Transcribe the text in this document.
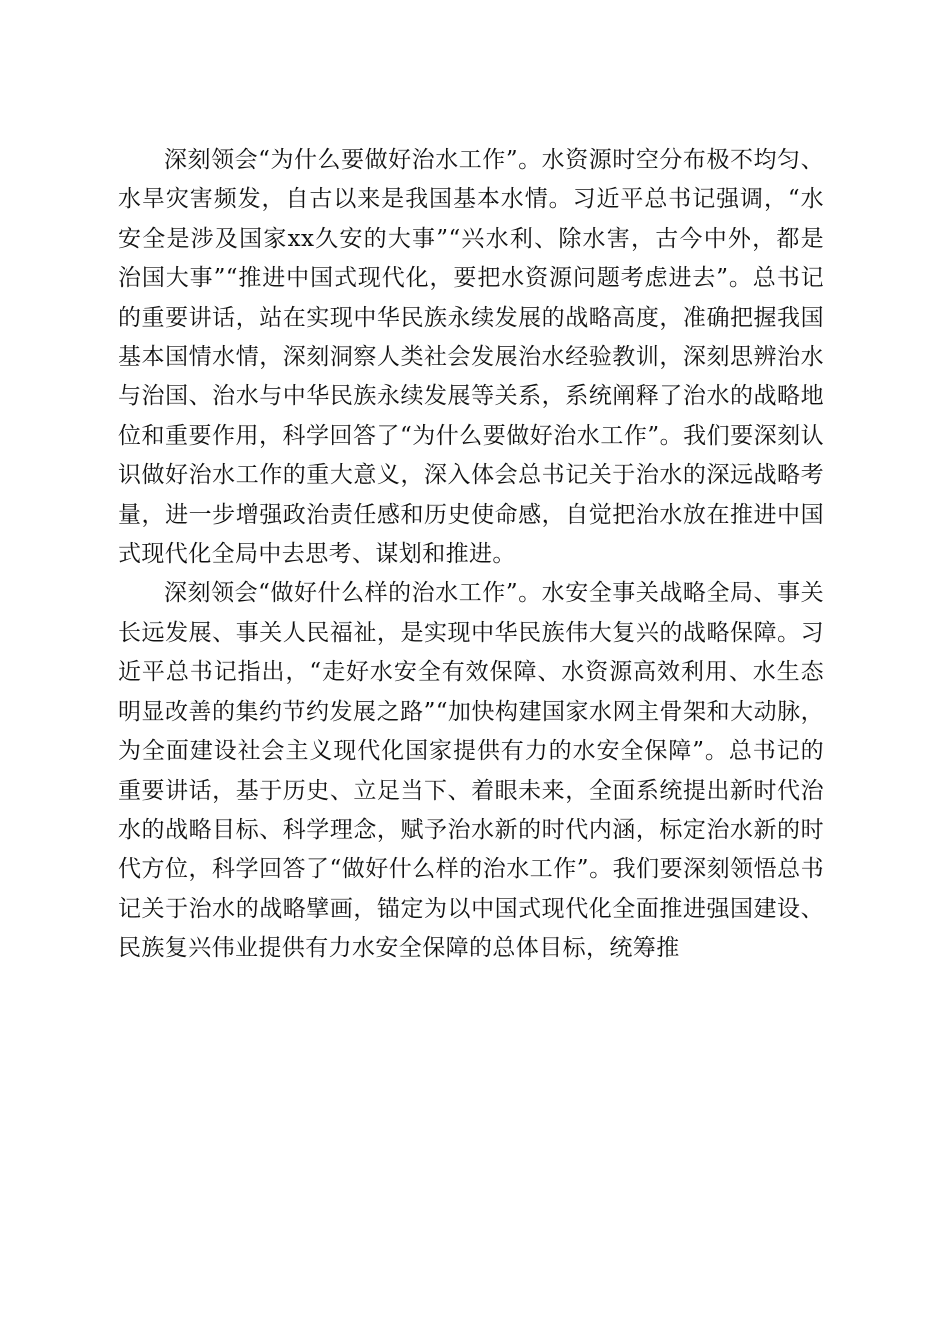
深刻领会“为什么要做好治水工作”。水资源时空分布极不均匀、水旱灾害频发，自古以来是我国基本水情。习近平总书记强调，“水安全是涉及国家xx久安的大事”“兴水利、除水害，古今中外，都是治国大事”“推进中国式现代化，要把水资源问题考虑进去”。总书记的重要讲话，站在实现中华民族永续发展的战略高度，准确把握我国基本国情水情，深刻洞察人类社会发展治水经验教训，深刻思辨治水与治国、治水与中华民族永续发展等关系，系统阐释了治水的战略地位和重要作用，科学回答了“为什么要做好治水工作”。我们要深刻认识做好治水工作的重大意义，深入体会总书记关于治水的深远战略考量，进一步增强政治责任感和历史使命感，自觉把治水放在推进中国式现代化全局中去思考、谋划和推进。

深刻领会“做好什么样的治水工作”。水安全事关战略全局、事关长远发展、事关人民福祉，是实现中华民族伟大复兴的战略保障。习近平总书记指出，“走好水安全有效保障、水资源高效利用、水生态明显改善的集约节约发展之路”“加快构建国家水网主骨架和大动脉，为全面建设社会主义现代化国家提供有力的水安全保障”。总书记的重要讲话，基于历史、立足当下、着眼未来，全面系统提出新时代治水的战略目标、科学理念，赋予治水新的时代内涵，标定治水新的时代方位，科学回答了“做好什么样的治水工作”。我们要深刻领悟总书记关于治水的战略擘画，锚定为以中国式现代化全面推进强国建设、民族复兴伟业提供有力水安全保障的总体目标，统筹推
